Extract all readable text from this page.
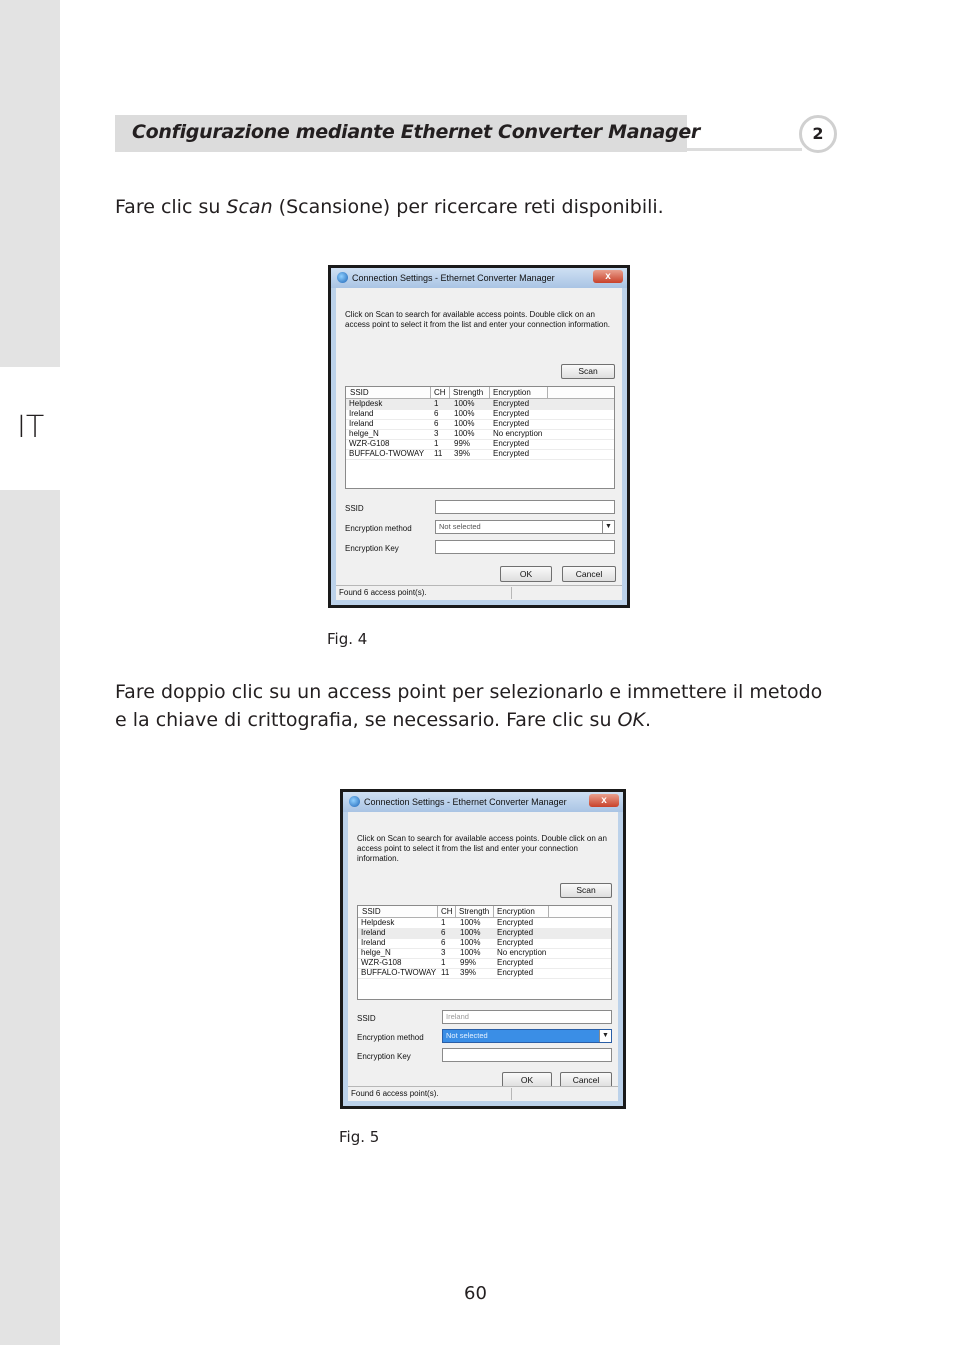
IT
Configurazione mediante Ethernet Converter Manager	2
Fare clic su Scan (Scansione) per ricercare reti disponibili.
Connection Settings - Ethernet Converter Manager	x
Click on Scan to search for available access points. Double click on an access point to select it from the list and enter your connection information.
Scan
SSID	CH Strength Encryption
Helpdesk	1 100% Encrypted
Ireland	6 100% Encrypted
Ireland	6 100% Encrypted
helge_N	3 100% No encryption
WZR-G108	1 99%	Encrypted
BUFFALO-TWOWAY 11 39%	Encrypted
SSID
Encryption method	Not selected	▼
Encryption Key
OK	Cancel
Found 6 access point(s).
Fig. 4
Fare doppio clic su un access point per selezionarlo e immettere il metodo e la chiave di crittografia, se necessario. Fare clic su OK.
Connection Settings - Ethernet Converter Manager	x
Click on Scan to search for available access points. Double click on an access point to select it from the list and enter your connection information.
Scan
SSID	CH Strength Encryption
Helpdesk	1 100% Encrypted
Ireland	6 100% Encrypted
Ireland	6 100% Encrypted
helge_N	3 100% No encryption
WZR-G108	1 99%	Encrypted
BUFFALO-TWOWAY 11 39%	Encrypted
SSID	Ireland
Encryption method	Not selected	▼
Encryption Key
OK	Cancel
Found 6 access point(s).
Fig. 5
60
